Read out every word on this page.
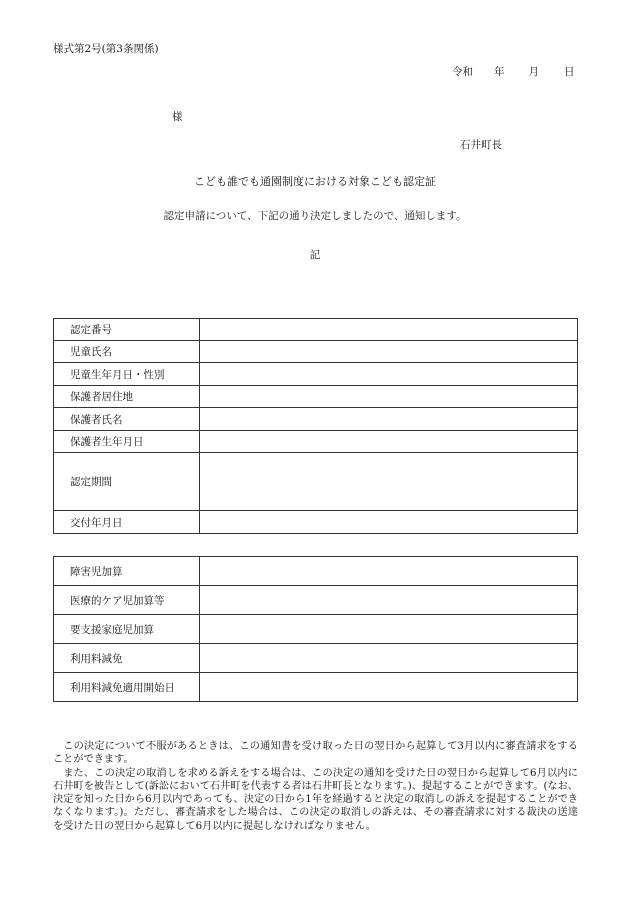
様式第2号(第3条関係)
令和 年 月 日
様
石井町長
こども誰でも通園制度における対象こども認定証
認定申請について、下記の通り決定しましたので、通知します。
記
認定番号	
児童氏名	
児童生年月日・性別	
保護者居住地	
保護者氏名	
保護者生年月日	
認定期間	
交付年月日	
障害児加算	
医療的ケア児加算等	
要支援家庭児加算	
利用料減免	
利用料減免適用開始日	

この決定について不服があるときは、この通知書を受け取った日の翌日から起算して3月以内に審査請求をすることができます。

また、この決定の取消しを求める訴えをする場合は、この決定の通知を受けた日の翌日から起算して6月以内に石井町を被告として(訴訟において石井町を代表する者は石井町長となります。)、提起することができます。(なお、決定を知った日から6月以内であっても、決定の日から1年を経過すると決定の取消しの訴えを提起することができなくなります。)。ただし、審査請求をした場合は、この決定の取消しの訴えは、その審査請求に対する裁決の送達を受けた日の翌日から起算して6月以内に提起しなければなりません。
